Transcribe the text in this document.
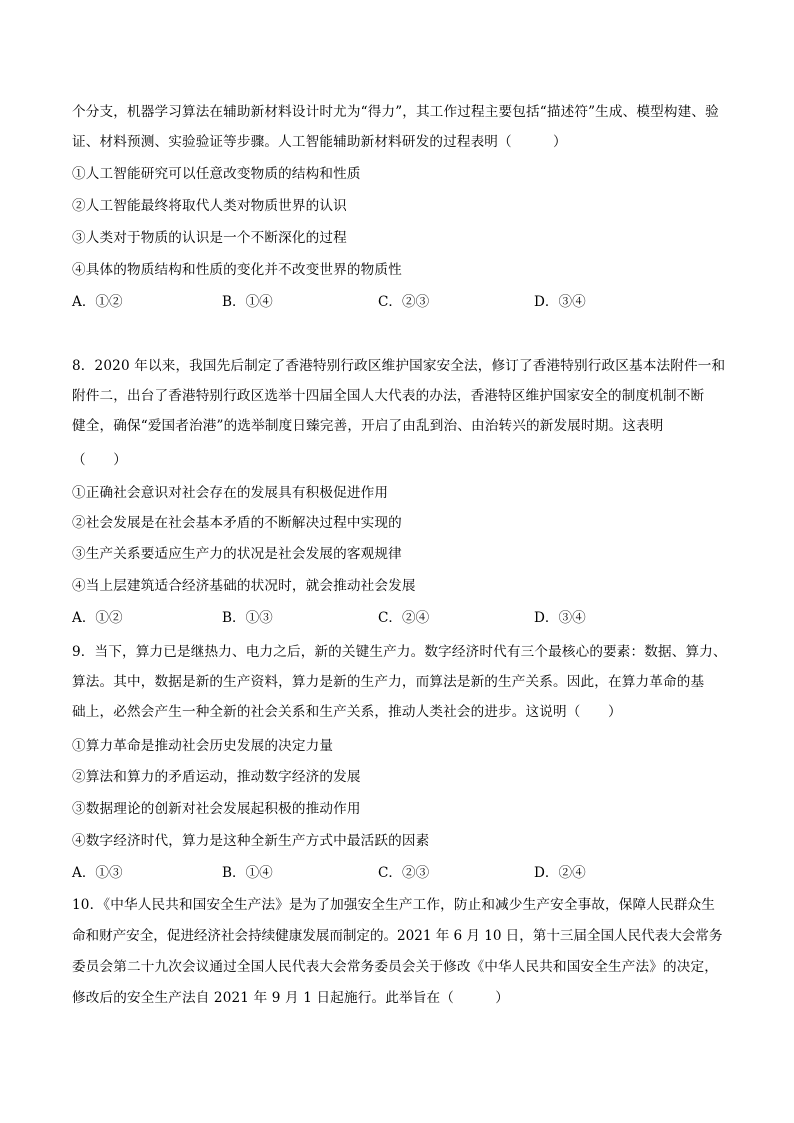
个分支，机器学习算法在辅助新材料设计时尤为“得力”，其工作过程主要包括“描述符”生成、模型构建、验
证、材料预测、实验验证等步骤。人工智能辅助新材料研发的过程表明（　　　）
①人工智能研究可以任意改变物质的结构和性质
②人工智能最终将取代人类对物质世界的认识
③人类对于物质的认识是一个不断深化的过程
④具体的物质结构和性质的变化并不改变世界的物质性
A．①②	B．①④	C．②③	D．③④
8．2020 年以来，我国先后制定了香港特别行政区维护国家安全法，修订了香港特别行政区基本法附件一和
附件二，出台了香港特别行政区选举十四届全国人大代表的办法，香港特区维护国家安全的制度机制不断
健全，确保“爱国者治港”的选举制度日臻完善，开启了由乱到治、由治转兴的新发展时期。这表明
（　　）
①正确社会意识对社会存在的发展具有积极促进作用
②社会发展是在社会基本矛盾的不断解决过程中实现的
③生产关系要适应生产力的状况是社会发展的客观规律
④当上层建筑适合经济基础的状况时，就会推动社会发展
A．①②	B．①③	C．②④	D．③④
9．当下，算力已是继热力、电力之后，新的关键生产力。数字经济时代有三个最核心的要素：数据、算力、
算法。其中，数据是新的生产资料，算力是新的生产力，而算法是新的生产关系。因此，在算力革命的基
础上，必然会产生一种全新的社会关系和生产关系，推动人类社会的进步。这说明（　　）
①算力革命是推动社会历史发展的决定力量
②算法和算力的矛盾运动，推动数字经济的发展
③数据理论的创新对社会发展起积极的推动作用
④数字经济时代，算力是这种全新生产方式中最活跃的因素
A．①③	B．①④	C．②③	D．②④
10．《中华人民共和国安全生产法》是为了加强安全生产工作，防止和减少生产安全事故，保障人民群众生
命和财产安全，促进经济社会持续健康发展而制定的。2021 年 6 月 10 日，第十三届全国人民代表大会常务
委员会第二十九次会议通过全国人民代表大会常务委员会关于修改《中华人民共和国安全生产法》的决定，
修改后的安全生产法自 2021 年 9 月 1 日起施行。此举旨在（　　　）
